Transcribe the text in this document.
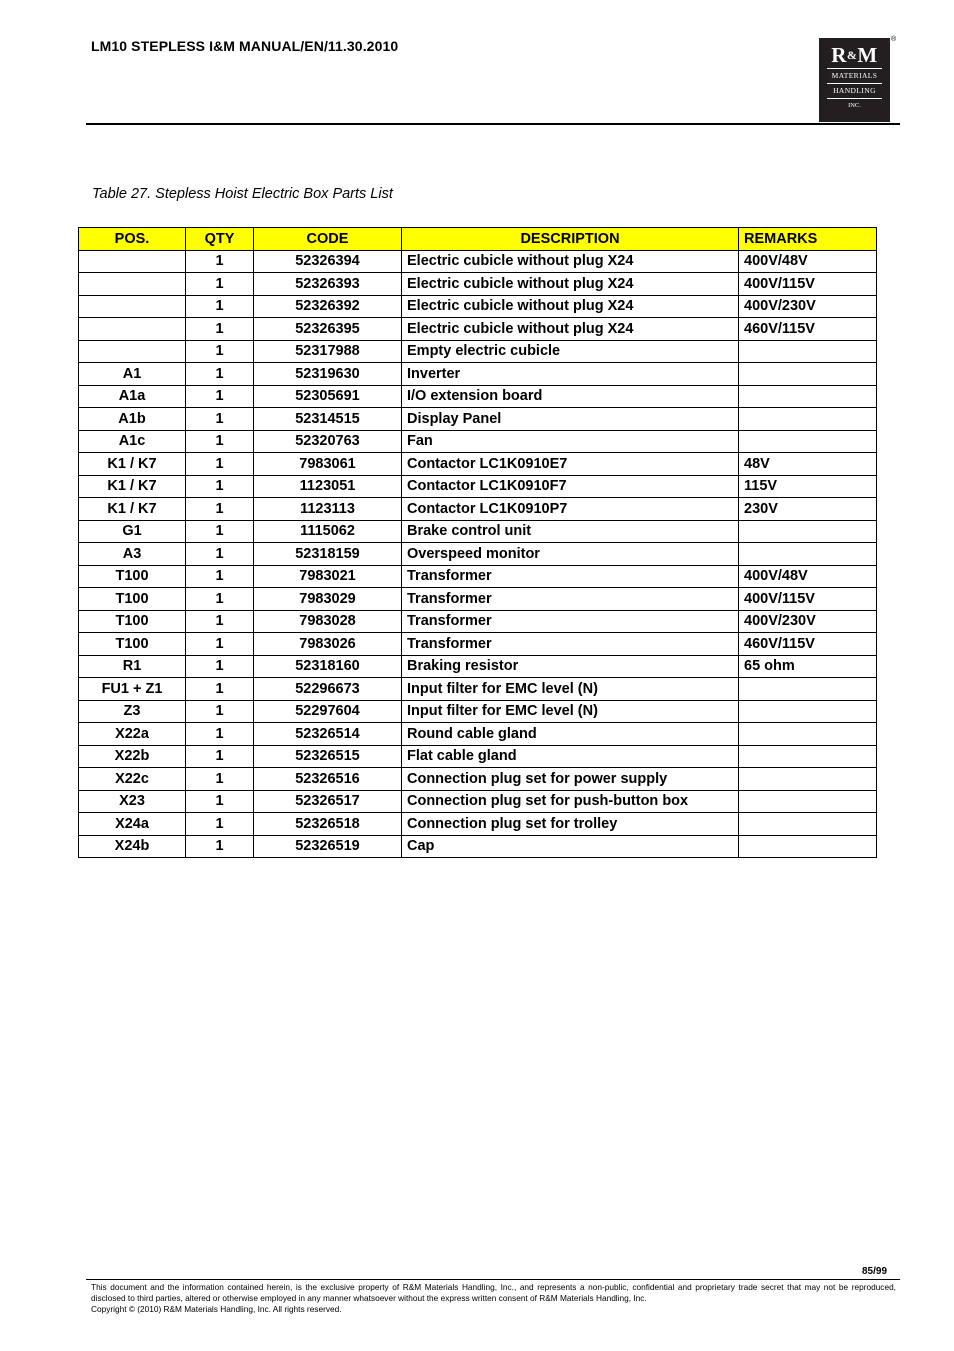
LM10 STEPLESS I&M MANUAL/EN/11.30.2010	R&M
MATERIALS
HANDLING
INC.
®
Table 27. Stepless Hoist Electric Box Parts List
POS.	QTY	CODE	DESCRIPTION	REMARKS
	1	52326394	Electric cubicle without plug X24	400V/48V
	1	52326393	Electric cubicle without plug X24	400V/115V
	1	52326392	Electric cubicle without plug X24	400V/230V
	1	52326395	Electric cubicle without plug X24	460V/115V
	1	52317988	Empty electric cubicle	
A1	1	52319630	Inverter	
A1a	1	52305691	I/O extension board	
A1b	1	52314515	Display Panel	
A1c	1	52320763	Fan	
K1 / K7	1	7983061	Contactor LC1K0910E7	48V
K1 / K7	1	1123051	Contactor LC1K0910F7	115V
K1 / K7	1	1123113	Contactor LC1K0910P7	230V
G1	1	1115062	Brake control unit	
A3	1	52318159	Overspeed monitor	
T100	1	7983021	Transformer	400V/48V
T100	1	7983029	Transformer	400V/115V
T100	1	7983028	Transformer	400V/230V
T100	1	7983026	Transformer	460V/115V
R1	1	52318160	Braking resistor	65 ohm
FU1 + Z1	1	52296673	Input filter for EMC level (N)	
Z3	1	52297604	Input filter for EMC level (N)	
X22a	1	52326514	Round cable gland	
X22b	1	52326515	Flat cable gland	
X22c	1	52326516	Connection plug set for power supply	
X23	1	52326517	Connection plug set for push-button box	
X24a	1	52326518	Connection plug set for trolley	
X24b	1	52326519	Cap	
85/99
This document and the information contained herein, is the exclusive property of R&M Materials Handling, Inc., and represents a non-public, confidential and proprietary trade secret that may not be reproduced, disclosed to third parties, altered or otherwise employed in any manner whatsoever without the express written consent of R&M Materials Handling, Inc.
Copyright © (2010) R&M Materials Handling, Inc. All rights reserved.
